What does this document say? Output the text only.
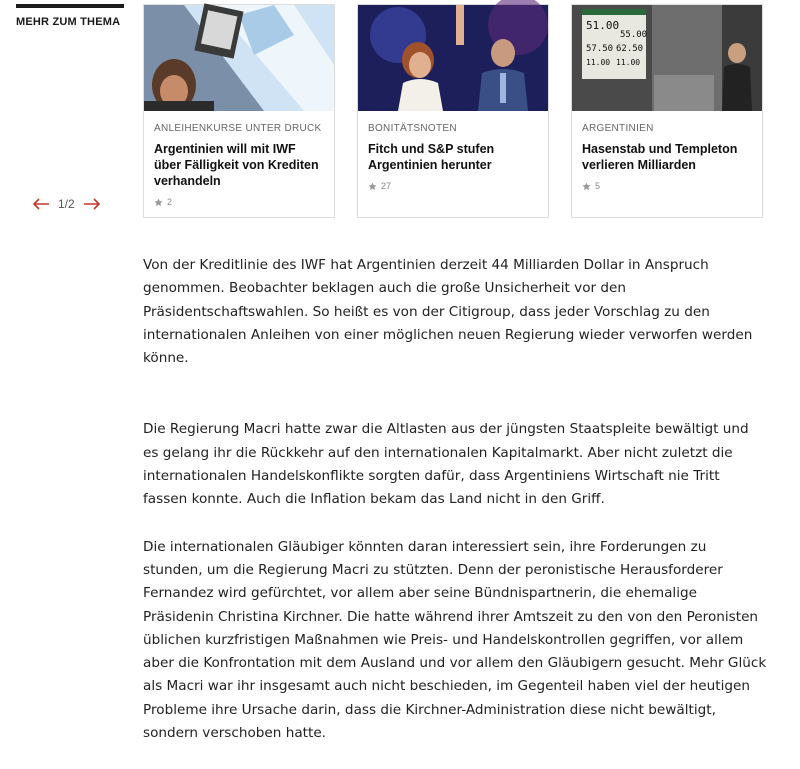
MEHR ZUM THEMA
1/2
ANLEIHENKURSE UNTER DRUCK
Argentinien will mit IWF über Fälligkeit von Krediten verhandeln
2
BONITÄTSNOTEN
Fitch und S&P stufen Argentinien herunter
27
51.00
55.00
57.50 62.50
11.00 11.00
ARGENTINIEN
Hasenstab und Templeton verlieren Milliarden
5

Von der Kreditlinie des IWF hat Argentinien derzeit 44 Milliarden Dollar in Anspruch genommen. Beobachter beklagen auch die große Unsicherheit vor den Präsidentschaftswahlen. So heißt es von der Citigroup, dass jeder Vorschlag zu den internationalen Anleihen von einer möglichen neuen Regierung wieder verworfen werden könne.

Die Regierung Macri hatte zwar die Altlasten aus der jüngsten Staatspleite bewältigt und es gelang ihr die Rückkehr auf den internationalen Kapitalmarkt. Aber nicht zuletzt die internationalen Handelskonflikte sorgten dafür, dass Argentiniens Wirtschaft nie Tritt fassen konnte. Auch die Inflation bekam das Land nicht in den Griff.

Die internationalen Gläubiger könnten daran interessiert sein, ihre Forderungen zu stunden, um die Regierung Macri zu stützten. Denn der peronistische Herausforderer Fernandez wird gefürchtet, vor allem aber seine Bündnispartnerin, die ehemalige Präsidenin Christina Kirchner. Die hatte während ihrer Amtszeit zu den von den Peronisten üblichen kurzfristigen Maßnahmen wie Preis- und Handelskontrollen gegriffen, vor allem aber die Konfrontation mit dem Ausland und vor allem den Gläubigern gesucht. Mehr Glück als Macri war ihr insgesamt auch nicht beschieden, im Gegenteil haben viel der heutigen Probleme ihre Ursache darin, dass die Kirchner-Administration diese nicht bewältigt, sondern verschoben hatte.
